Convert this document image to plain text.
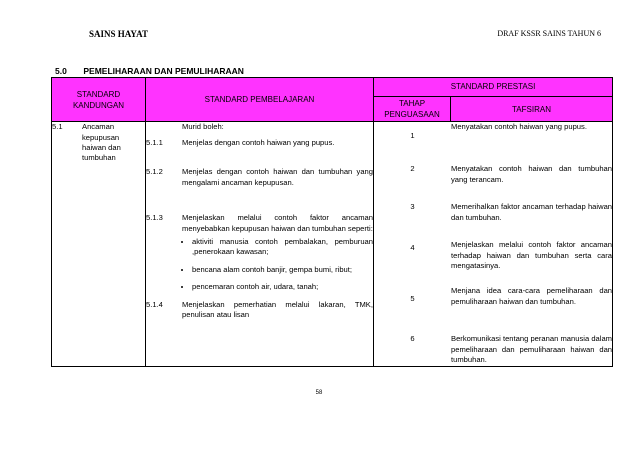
SAINS HAYAT	DRAF KSSR SAINS TAHUN 6
5.0 PEMELIHARAAN DAN PEMULIHARAAN
STANDARD KANDUNGAN	STANDARD PEMBELAJARAN	STANDARD PRESTASI
TAHAP PENGUASAAN	TAFSIRAN

5.1	Ancaman kepupusan haiwan dan tumbuhan

	Murid boleh:
5.1.1	Menjelas dengan contoh haiwan yang pupus.
5.1.2	Menjelas dengan contoh haiwan dan tumbuhan yang mengalami ancaman kepupusan.
5.1.3	Menjelaskan melalui contoh faktor ancaman menyebabkan kepupusan haiwan dan tumbuhan seperti:
• aktiviti manusia contoh pembalakan, pemburuan ,penerokaan kawasan;
• bencana alam contoh banjir, gempa bumi, ribut;
• pencemaran contoh air, udara, tanah;

5.1.4	Menjelaskan pemerhatian melalui lakaran, TMK, penulisan atau lisan

1	Menyatakan contoh haiwan yang pupus.
2	Menyatakan contoh haiwan dan tumbuhan yang terancam.
3	Memerihalkan faktor ancaman terhadap haiwan dan tumbuhan.
4	Menjelaskan melalui contoh faktor ancaman terhadap haiwan dan tumbuhan serta cara mengatasinya.
5	Menjana idea cara-cara pemeliharaan dan pemuliharaan haiwan dan tumbuhan.
6	Berkomunikasi tentang peranan manusia dalam pemeliharaan dan pemuliharaan haiwan dan tumbuhan.
58
